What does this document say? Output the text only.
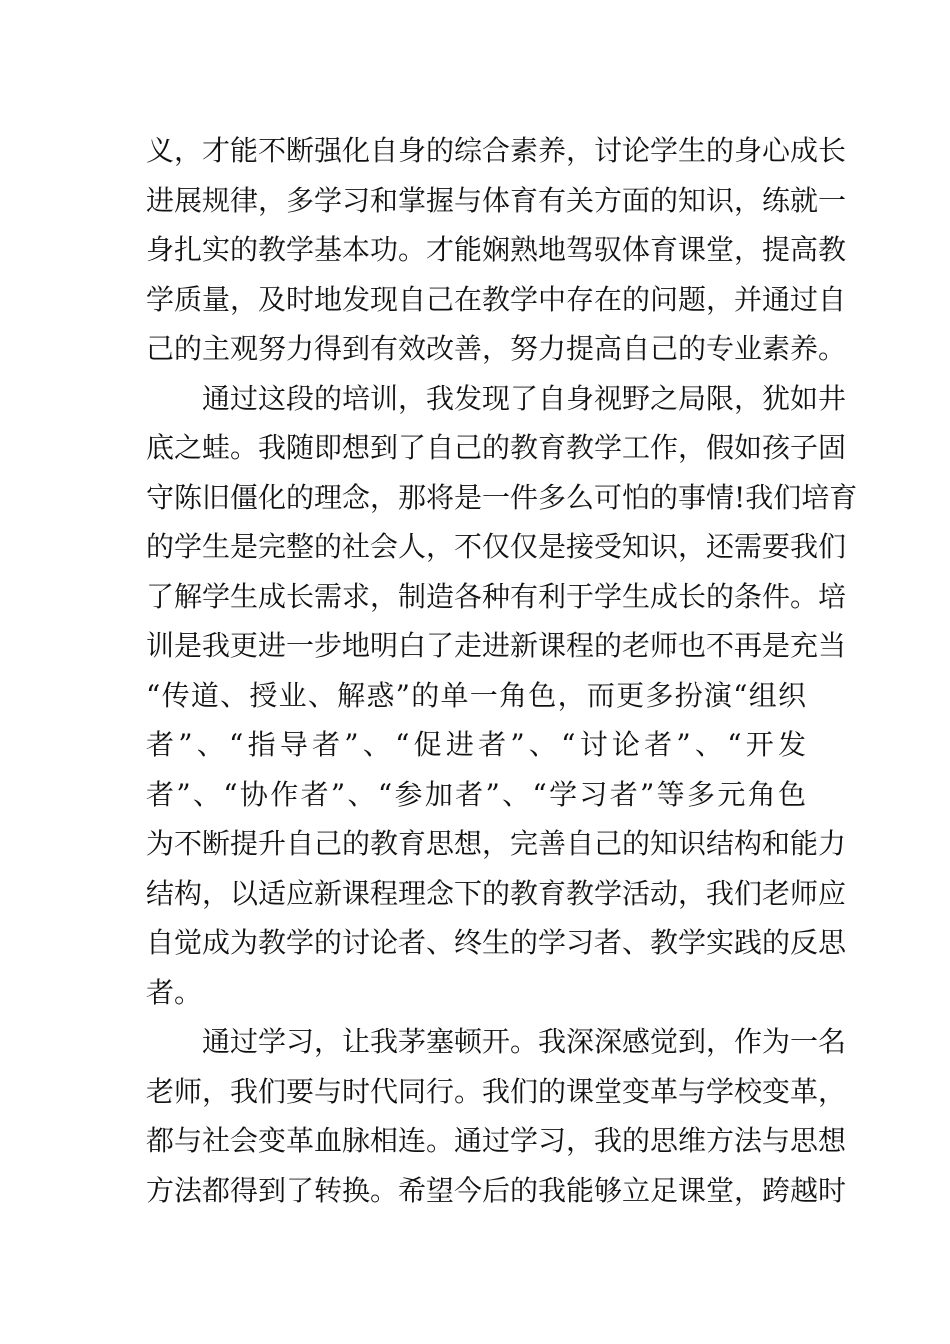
义，才能不断强化自身的综合素养，讨论学生的身心成长
进展规律，多学习和掌握与体育有关方面的知识，练就一
身扎实的教学基本功。才能娴熟地驾驭体育课堂，提高教
学质量，及时地发现自己在教学中存在的问题，并通过自
己的主观努力得到有效改善，努力提高自己的专业素养。
通过这段的培训，我发现了自身视野之局限，犹如井
底之蛙。我随即想到了自己的教育教学工作，假如孩子固
守陈旧僵化的理念，那将是一件多么可怕的事情!我们培育
的学生是完整的社会人，不仅仅是接受知识，还需要我们
了解学生成长需求，制造各种有利于学生成长的条件。培
训是我更进一步地明白了走进新课程的老师也不再是充当
“传道、授业、解惑”的单一角色，而更多扮演“组织
者”、“指导者”、“促进者”、“讨论者”、“开发
者”、“协作者”、“参加者”、“学习者”等多元角色
为不断提升自己的教育思想，完善自己的知识结构和能力
结构，以适应新课程理念下的教育教学活动，我们老师应
自觉成为教学的讨论者、终生的学习者、教学实践的反思
者。
通过学习，让我茅塞顿开。我深深感觉到，作为一名
老师，我们要与时代同行。我们的课堂变革与学校变革，
都与社会变革血脉相连。通过学习，我的思维方法与思想
方法都得到了转换。希望今后的我能够立足课堂，跨越时
